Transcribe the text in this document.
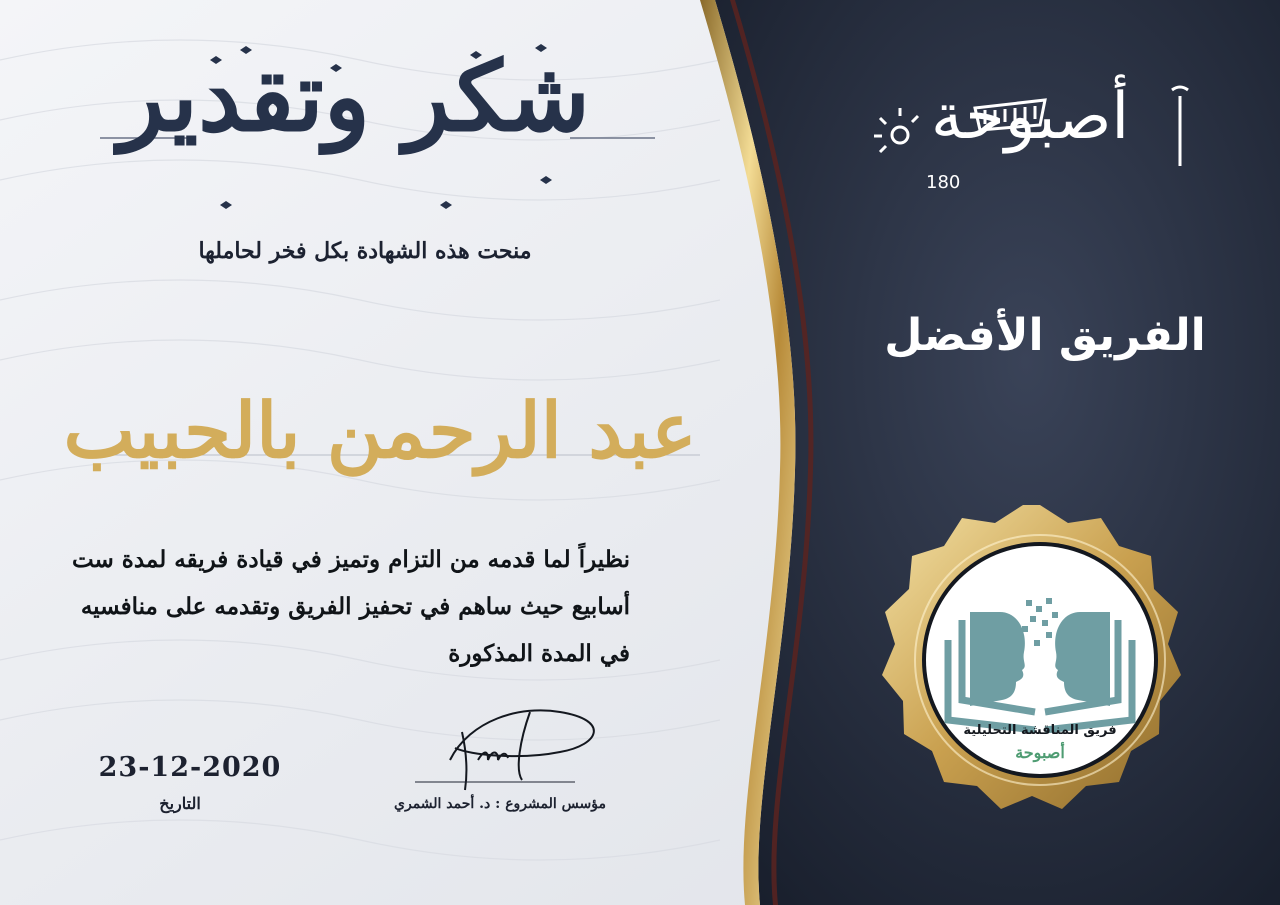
شكر وتقدير
منحت هذه الشهادة بكل فخر لحاملها
عبد الرحمن بالحبيب
نظيراً لما قدمه من التزام وتميز في قيادة فريقه لمدة ست أسابيع حيث ساهم في تحفيز الفريق وتقدمه على منافسيه في المدة المذكورة
23-12-2020
التاريخ	مؤسس المشروع : د. أحمد الشمري
أصبوحة
180
الفريق الأفضل
فريق المناقشة التحليلية
أصبوحة
